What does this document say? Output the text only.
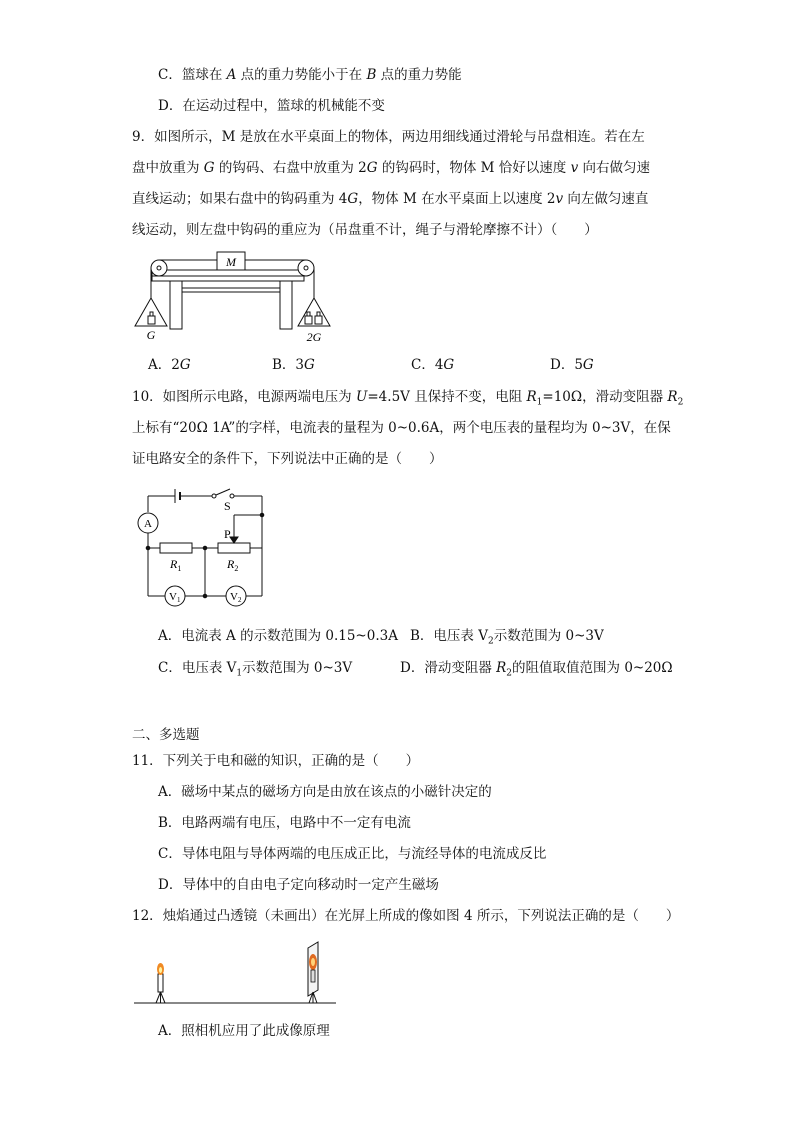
C．篮球在 A 点的重力势能小于在 B 点的重力势能
D．在运动过程中，篮球的机械能不变
9．如图所示，M 是放在水平桌面上的物体，两边用细线通过滑轮与吊盘相连。若在左
盘中放重为 G 的钩码、右盘中放重为 2G 的钩码时，物体 M 恰好以速度 v 向右做匀速
直线运动；如果右盘中的钩码重为 4G，物体 M 在水平桌面上以速度 2v 向左做匀速直
线运动，则左盘中钩码的重应为（吊盘重不计，绳子与滑轮摩擦不计）（　　）
M
G	2G
A．2G	B．3G	C．4G	D．5G
10．如图所示电路，电源两端电压为 U=4.5V 且保持不变，电阻 $R_1=10\Omega$，滑动变阻器 $R_2$
上标有“20Ω 1A”的字样，电流表的量程为 0~0.6A，两个电压表的量程均为 0~3V，在保
证电路安全的条件下，下列说法中正确的是（　　）
S
P
A
$R_1$	$R_2$
V1	V2
A．电流表 A 的示数范围为 0.15~0.3A B．电压表 $V_2$示数范围为 0~3V
C．电压表 $V_1$示数范围为 0~3V	D．滑动变阻器 $R_2$的阻值取值范围为 0~20Ω
二、多选题
11．下列关于电和磁的知识，正确的是（　　）
A．磁场中某点的磁场方向是由放在该点的小磁针决定的
B．电路两端有电压，电路中不一定有电流
C．导体电阻与导体两端的电压成正比，与流经导体的电流成反比
D．导体中的自由电子定向移动时一定产生磁场
12．烛焰通过凸透镜（未画出）在光屏上所成的像如图 4 所示，下列说法正确的是（　　）
A．照相机应用了此成像原理
